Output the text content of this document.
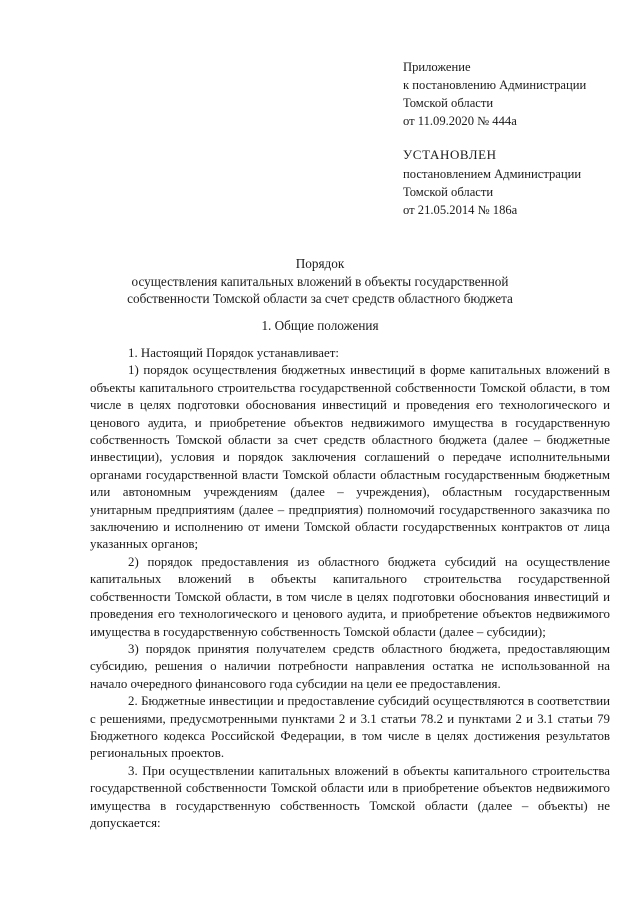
Приложение
к постановлению Администрации
Томской области
от 11.09.2020 № 444а
УСТАНОВЛЕН
постановлением Администрации
Томской области
от 21.05.2014 № 186а
Порядок
осуществления капитальных вложений в объекты государственной
собственности Томской области за счет средств областного бюджета
1. Общие положения

1. Настоящий Порядок устанавливает:

1) порядок осуществления бюджетных инвестиций в форме капитальных вложений в объекты капитального строительства государственной собственности Томской области, в том числе в целях подготовки обоснования инвестиций и проведения его технологического и ценового аудита, и приобретение объектов недвижимого имущества в государственную собственность Томской области за счет средств областного бюджета (далее – бюджетные инвестиции), условия и порядок заключения соглашений о передаче исполнительными органами государственной власти Томской области областным государственным бюджетным или автономным учреждениям (далее – учреждения), областным государственным унитарным предприятиям (далее – предприятия) полномочий государственного заказчика по заключению и исполнению от имени Томской области государственных контрактов от лица указанных органов;

2) порядок предоставления из областного бюджета субсидий на осуществление капитальных вложений в объекты капитального строительства государственной собственности Томской области, в том числе в целях подготовки обоснования инвестиций и проведения его технологического и ценового аудита, и приобретение объектов недвижимого имущества в государственную собственность Томской области (далее – субсидии);

3) порядок принятия получателем средств областного бюджета, предоставляющим субсидию, решения о наличии потребности направления остатка не использованной на начало очередного финансового года субсидии на цели ее предоставления.

2. Бюджетные инвестиции и предоставление субсидий осуществляются в соответствии с решениями, предусмотренными пунктами 2 и 3.1 статьи 78.2 и пунктами 2 и 3.1 статьи 79 Бюджетного кодекса Российской Федерации, в том числе в целях достижения результатов региональных проектов.

3. При осуществлении капитальных вложений в объекты капитального строительства государственной собственности Томской области или в приобретение объектов недвижимого имущества в государственную собственность Томской области (далее – объекты) не допускается:
